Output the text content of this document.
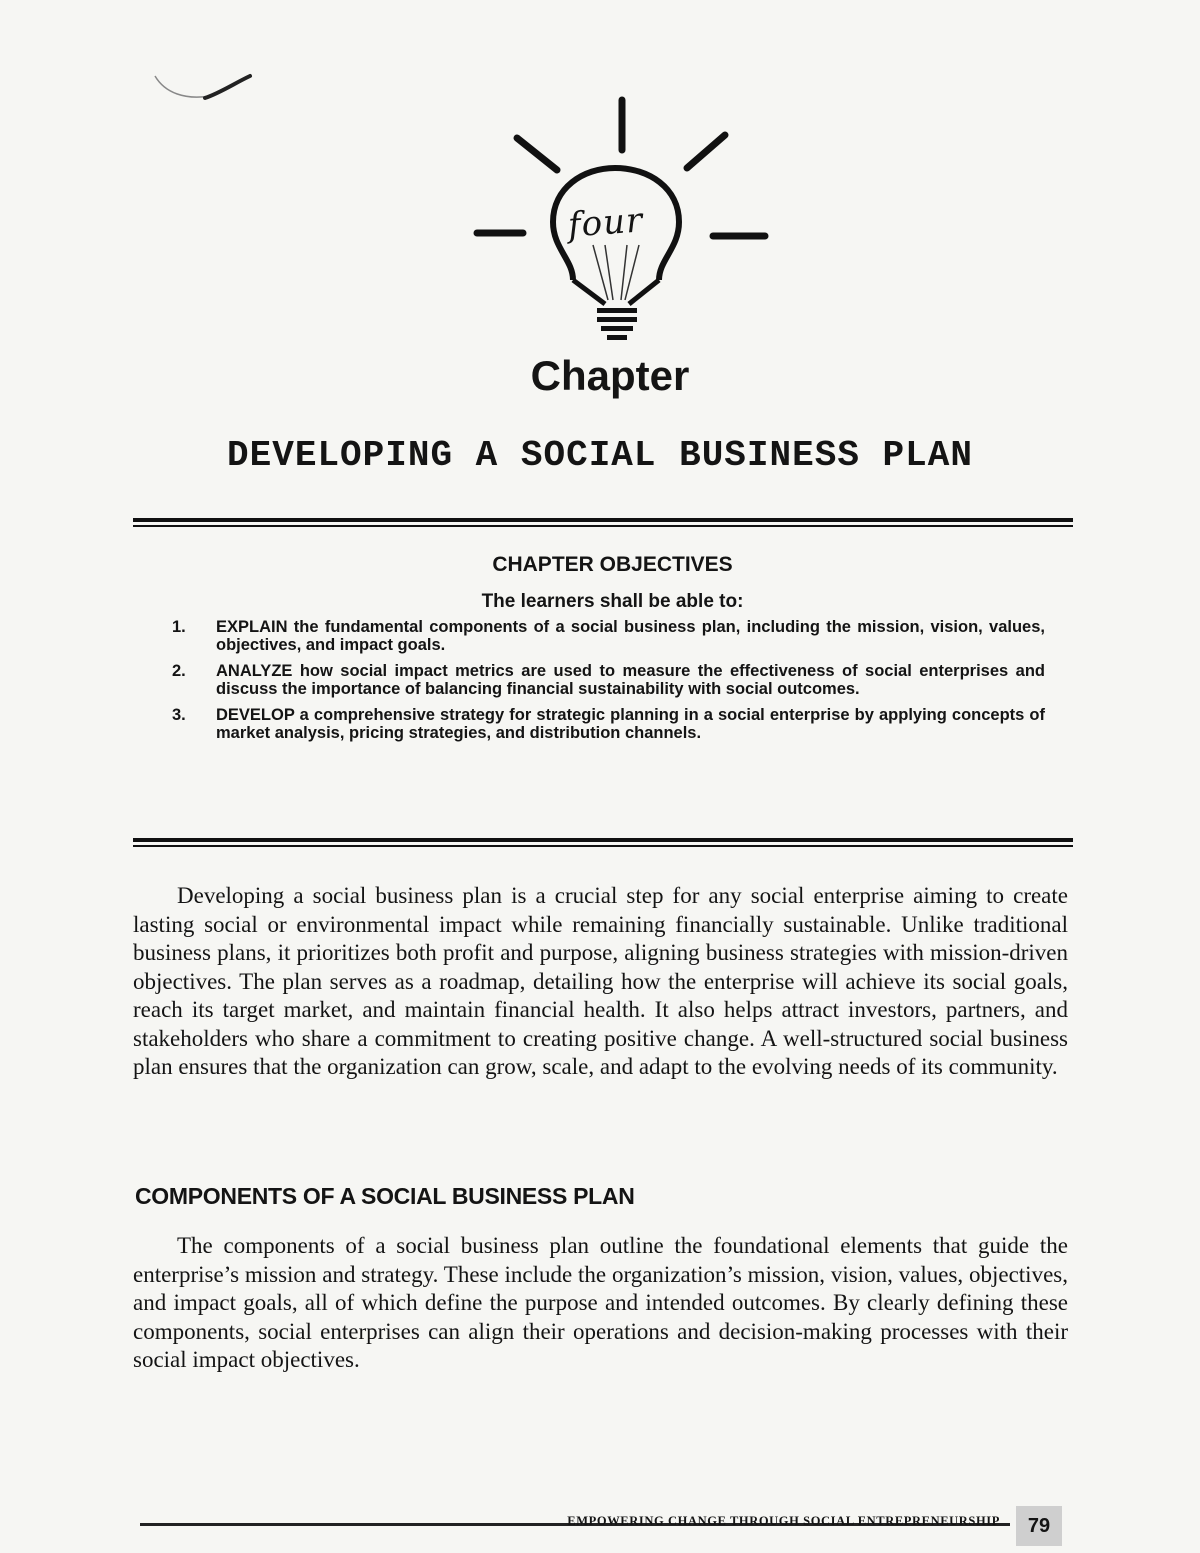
four
Chapter
DEVELOPING A SOCIAL BUSINESS PLAN
CHAPTER OBJECTIVES
The learners shall be able to:
1.	EXPLAIN the fundamental components of a social business plan, including the mission, vision, values, objectives, and impact goals.
2.	ANALYZE how social impact metrics are used to measure the effectiveness of social enterprises and discuss the importance of balancing financial sustainability with social outcomes.
3.	DEVELOP a comprehensive strategy for strategic planning in a social enterprise by applying concepts of market analysis, pricing strategies, and distribution channels.

Developing a social business plan is a crucial step for any social enterprise aiming to create lasting social or environmental impact while remaining financially sustainable. Unlike traditional business plans, it prioritizes both profit and purpose, aligning business strategies with mission-driven objectives. The plan serves as a roadmap, detailing how the enterprise will achieve its social goals, reach its target market, and maintain financial health. It also helps attract investors, partners, and stakeholders who share a commitment to creating positive change. A well-structured social business plan ensures that the organization can grow, scale, and adapt to the evolving needs of its community.

COMPONENTS OF A SOCIAL BUSINESS PLAN

The components of a social business plan outline the foundational elements that guide the enterprise’s mission and strategy. These include the organization’s mission, vision, values, objectives, and impact goals, all of which define the purpose and intended outcomes. By clearly defining these components, social enterprises can align their operations and decision-making processes with their social impact objectives.

EMPOWERING CHANGE THROUGH SOCIAL ENTREPRENEURSHIP	79
